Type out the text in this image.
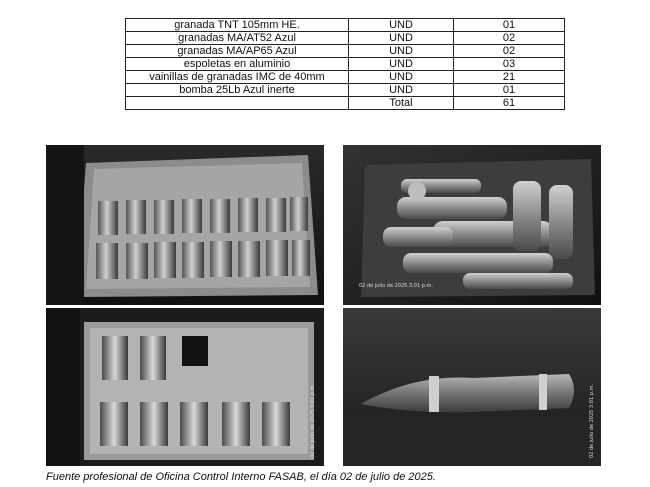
granada TNT 105mm HE.	UND	01
granadas MA/AT52 Azul	UND	02
granadas MA/AP65 Azul	UND	02
espoletas en aluminio	UND	03
vainillas de granadas IMC de 40mm	UND	21
bomba 25Lb Azul inerte	UND	01
	Total	61
02 de julio de 2025 3:01 p.m.
02 de julio de 2025 3:01 p.m.	02 de julio de 2025 3:01 p.m.
Fuente profesional de Oficina Control Interno FASAB, el día 02 de julio de 2025.
